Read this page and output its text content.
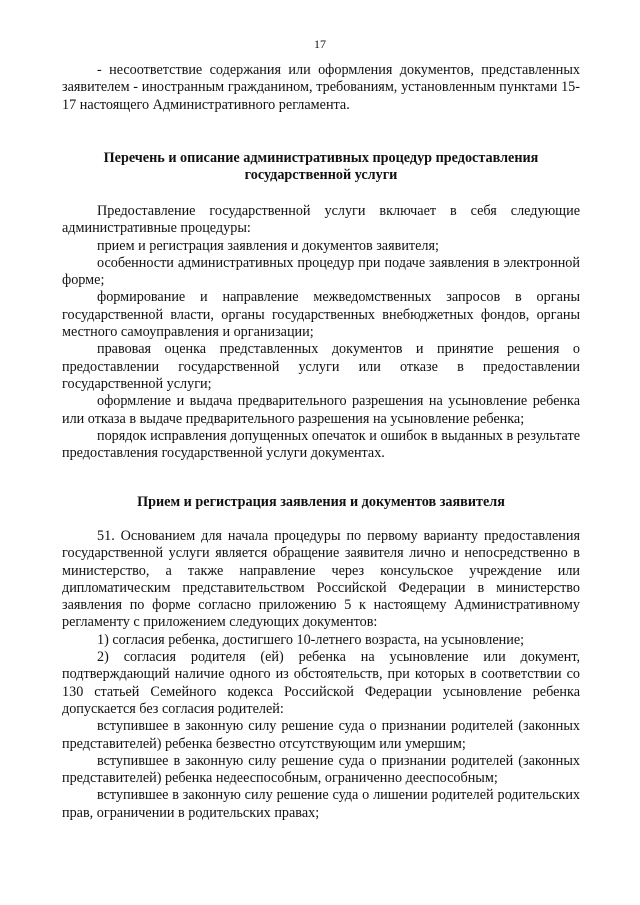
17

- несоответствие содержания или оформления документов, представленных заявителем - иностранным гражданином, требованиям, установленным пунктами 15-17 настоящего Административного регламента.

Перечень и описание административных процедур предоставления государственной услуги

Предоставление государственной услуги включает в себя следующие административные процедуры:

прием и регистрация заявления и документов заявителя;

особенности административных процедур при подаче заявления в электронной форме;

формирование и направление межведомственных запросов в органы государственной власти, органы государственных внебюджетных фондов, органы местного самоуправления и организации;

правовая оценка представленных документов и принятие решения о предоставлении государственной услуги или отказе в предоставлении государственной услуги;

оформление и выдача предварительного разрешения на усыновление ребенка или отказа в выдаче предварительного разрешения на усыновление ребенка;

порядок исправления допущенных опечаток и ошибок в выданных в результате предоставления государственной услуги документах.

Прием и регистрация заявления и документов заявителя

51. Основанием для начала процедуры по первому варианту предоставления государственной услуги является обращение заявителя лично и непосредственно в министерство, а также направление через консульское учреждение или дипломатическим представительством Российской Федерации в министерство заявления по форме согласно приложению 5 к настоящему Административному регламенту с приложением следующих документов:

1) согласия ребенка, достигшего 10-летнего возраста, на усыновление;

2) согласия родителя (ей) ребенка на усыновление или документ, подтверждающий наличие одного из обстоятельств, при которых в соответствии со 130 статьей Семейного кодекса Российской Федерации усыновление ребенка допускается без согласия родителей:

вступившее в законную силу решение суда о признании родителей (законных представителей) ребенка безвестно отсутствующим или умершим;

вступившее в законную силу решение суда о признании родителей (законных представителей) ребенка недееспособным, ограниченно дееспособным;

вступившее в законную силу решение суда о лишении родителей родительских прав, ограничении в родительских правах;
